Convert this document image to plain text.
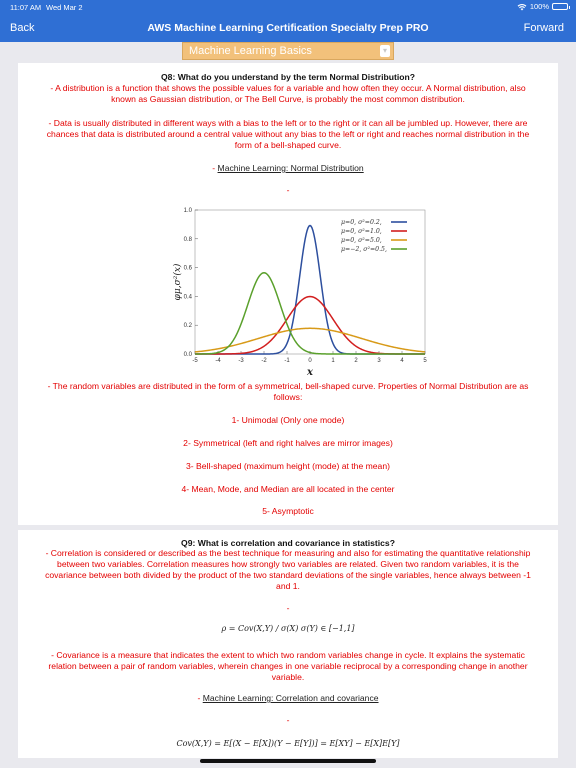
11:07 AM Wed Mar 2	100%
Back	AWS Machine Learning Certification Specialty Prep PRO	Forward
Machine Learning Basics	▾
Q8: What do you understand by the term Normal Distribution?
- A distribution is a function that shows the possible values for a variable and how often they occur. A Normal distribution, also
known as Gaussian distribution, or The Bell Curve, is probably the most common distribution.
- Data is usually distributed in different ways with a bias to the left or to the right or it can all be jumbled up. However, there are
chances that data is distributed around a central value without any bias to the left or right and reaches normal distribution in the
form of a bell-shaped curve.
- Machine Learning: Normal Distribution
-
-5	-4	-3	-2	-1	0	1	2	3	4	5
0.0
0.2
0.4
0.6
0.8
1.0
x
φμ,σ²(x)
μ=0, σ²=0.2,
μ=0, σ²=1.0,
μ=0, σ²=5.0,
μ=−2, σ²=0.5,
- The random variables are distributed in the form of a symmetrical, bell-shaped curve. Properties of Normal Distribution are as
follows:
1- Unimodal (Only one mode)
2- Symmetrical (left and right halves are mirror images)
3- Bell-shaped (maximum height (mode) at the mean)
4- Mean, Mode, and Median are all located in the center
5- Asymptotic
Q9: What is correlation and covariance in statistics?
- Correlation is considered or described as the best technique for measuring and also for estimating the quantitative relationship
between two variables. Correlation measures how strongly two variables are related. Given two random variables, it is the
covariance between both divided by the product of the two standard deviations of the single variables, hence always between -1
and 1.
-
ρ = Cov(X,Y) / σ(X) σ(Y) ∈ [−1,1]
- Covariance is a measure that indicates the extent to which two random variables change in cycle. It explains the systematic
relation between a pair of random variables, wherein changes in one variable reciprocal by a corresponding change in another
variable.
- Machine Learning: Correlation and covariance
-
Cov(X,Y) = E[(X − E[X])(Y − E[Y])] = E[XY] − E[X]E[Y]
